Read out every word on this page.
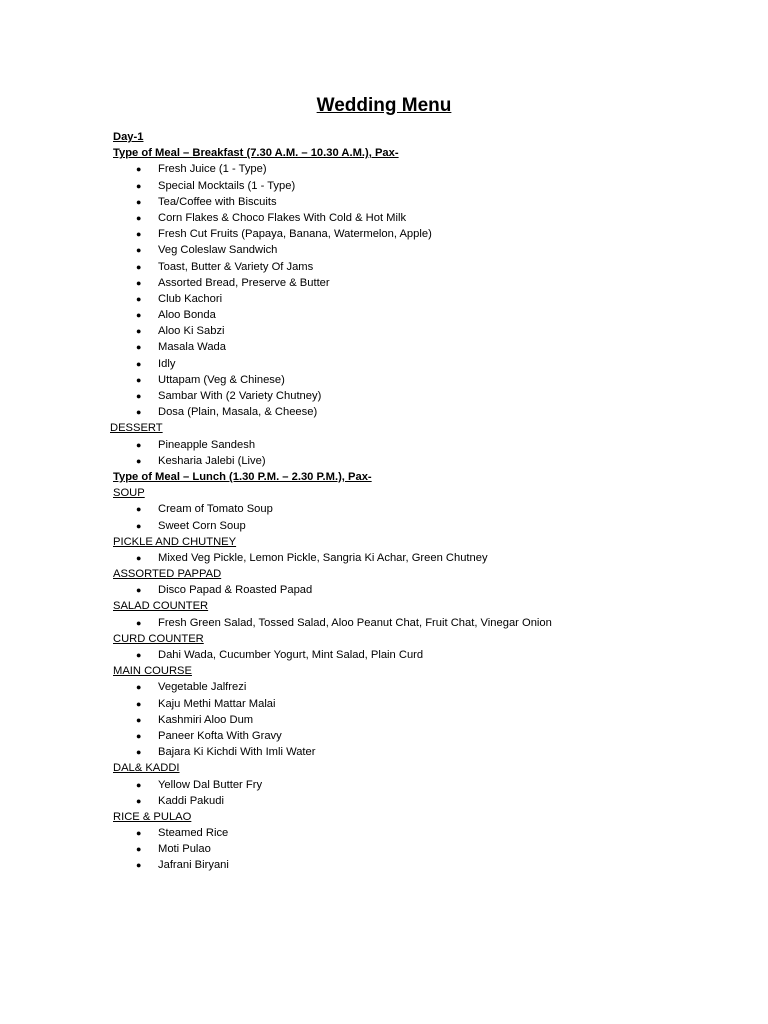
Wedding Menu
Day-1
Type of Meal – Breakfast (7.30 A.M. – 10.30 A.M.), Pax-
● Fresh Juice (1 - Type)
● Special Mocktails (1 - Type)
● Tea/Coffee with Biscuits
● Corn Flakes & Choco Flakes With Cold & Hot Milk
● Fresh Cut Fruits (Papaya, Banana, Watermelon, Apple)
● Veg Coleslaw Sandwich
● Toast, Butter & Variety Of Jams
● Assorted Bread, Preserve & Butter
● Club Kachori
● Aloo Bonda
● Aloo Ki Sabzi
● Masala Wada
● Idly
● Uttapam (Veg & Chinese)
● Sambar With (2 Variety Chutney)
● Dosa (Plain, Masala, & Cheese)
DESSERT
● Pineapple Sandesh
● Kesharia Jalebi (Live)
Type of Meal – Lunch (1.30 P.M. – 2.30 P.M.), Pax-
SOUP
● Cream of Tomato Soup
● Sweet Corn Soup
PICKLE AND CHUTNEY
● Mixed Veg Pickle, Lemon Pickle, Sangria Ki Achar, Green Chutney
ASSORTED PAPPAD
● Disco Papad & Roasted Papad
SALAD COUNTER
● Fresh Green Salad, Tossed Salad, Aloo Peanut Chat, Fruit Chat, Vinegar Onion
CURD COUNTER
● Dahi Wada, Cucumber Yogurt, Mint Salad, Plain Curd
MAIN COURSE
● Vegetable Jalfrezi
● Kaju Methi Mattar Malai
● Kashmiri Aloo Dum
● Paneer Kofta With Gravy
● Bajara Ki Kichdi With Imli Water
DAL& KADDI
● Yellow Dal Butter Fry
● Kaddi Pakudi
RICE & PULAO
● Steamed Rice
● Moti Pulao
● Jafrani Biryani
